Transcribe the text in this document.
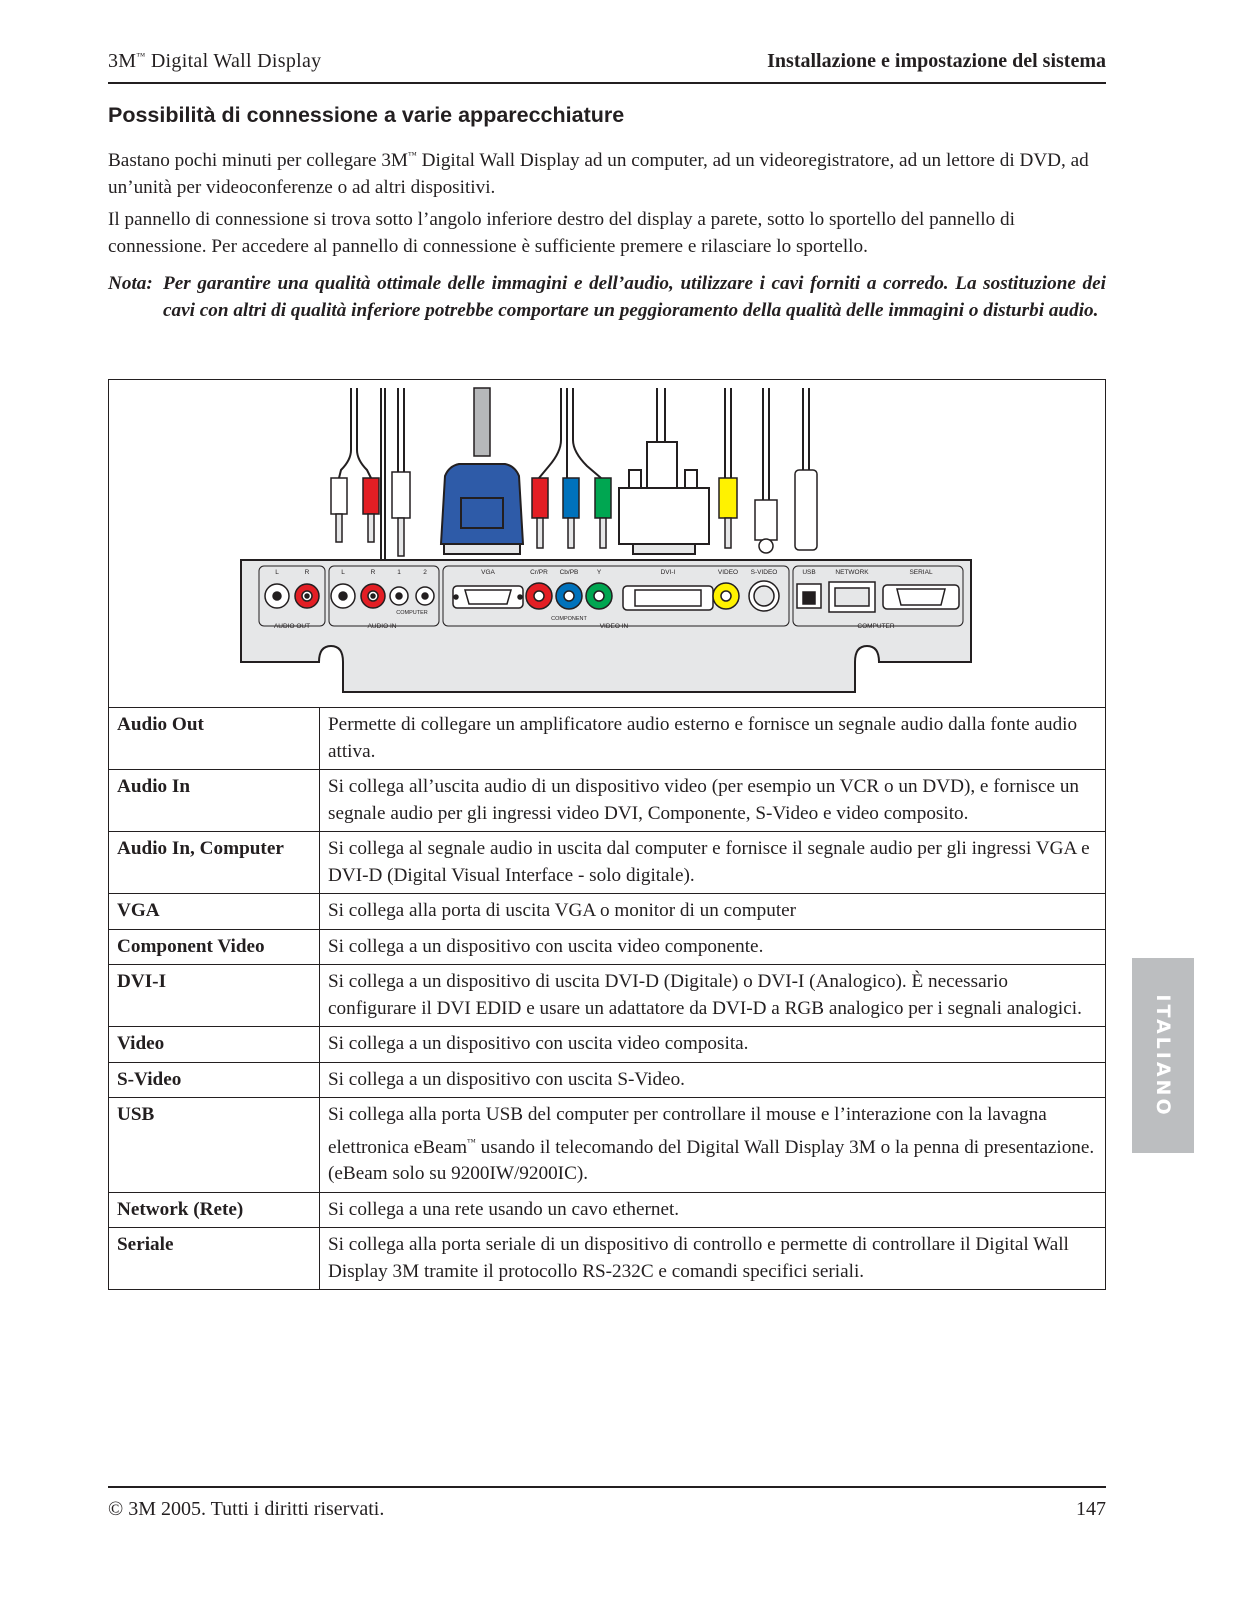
3M™ Digital Wall Display	Installazione e impostazione del sistema
Possibilità di connessione a varie apparecchiature

Bastano pochi minuti per collegare 3M™ Digital Wall Display ad un computer, ad un videoregistratore, ad un lettore di DVD, ad un’unità per videoconferenze o ad altri dispositivi.

Il pannello di connessione si trova sotto l’angolo inferiore destro del display a parete, sotto lo sportello del pannello di connessione. Per accedere al pannello di connessione è sufficiente premere e rilasciare lo sportello.

Nota: Per garantire una qualità ottimale delle immagini e dell’audio, utilizzare i cavi forniti a corredo. La sostituzione dei cavi con altri di qualità inferiore potrebbe comportare un peggioramento della qualità delle immagini o disturbi audio.
L	R	L	R	1	2	VGA	Cr/PR Cb/PB	Y	DVI-I	VIDEO S-VIDEO	USB	NETWORK	SERIAL
COMPUTER
COMPONENT
AUDIO OUT	AUDIO IN	VIDEO IN	COMPUTER
Audio Out	Permette di collegare un amplificatore audio esterno e fornisce un segnale audio dalla fonte audio attiva.
Audio In	Si collega all’uscita audio di un dispositivo video (per esempio un VCR o un DVD), e fornisce un segnale audio per gli ingressi video DVI, Componente, S-Video e video composito.
Audio In, Computer	Si collega al segnale audio in uscita dal computer e fornisce il segnale audio per gli ingressi VGA e DVI-D (Digital Visual Interface - solo digitale).
VGA	Si collega alla porta di uscita VGA o monitor di un computer
Component Video	Si collega a un dispositivo con uscita video componente.
DVI-I	Si collega a un dispositivo di uscita DVI-D (Digitale) o DVI-I (Analogico). È necessario configurare il DVI EDID e usare un adattatore da DVI-D a RGB analogico per i segnali analogici.
Video	Si collega a un dispositivo con uscita video composita.
S-Video	Si collega a un dispositivo con uscita S-Video.
USB	Si collega alla porta USB del computer per controllare il mouse e l’interazione con la lavagna elettronica eBeam™ usando il telecomando del Digital Wall Display 3M o la penna di presentazione. (eBeam solo su 9200IW/9200IC).
Network (Rete)	Si collega a una rete usando un cavo ethernet.
Seriale	Si collega alla porta seriale di un dispositivo di controllo e permette di controllare il Digital Wall Display 3M tramite il protocollo RS-232C e comandi specifici seriali.
ITALIANO
© 3M 2005. Tutti i diritti riservati.	147
